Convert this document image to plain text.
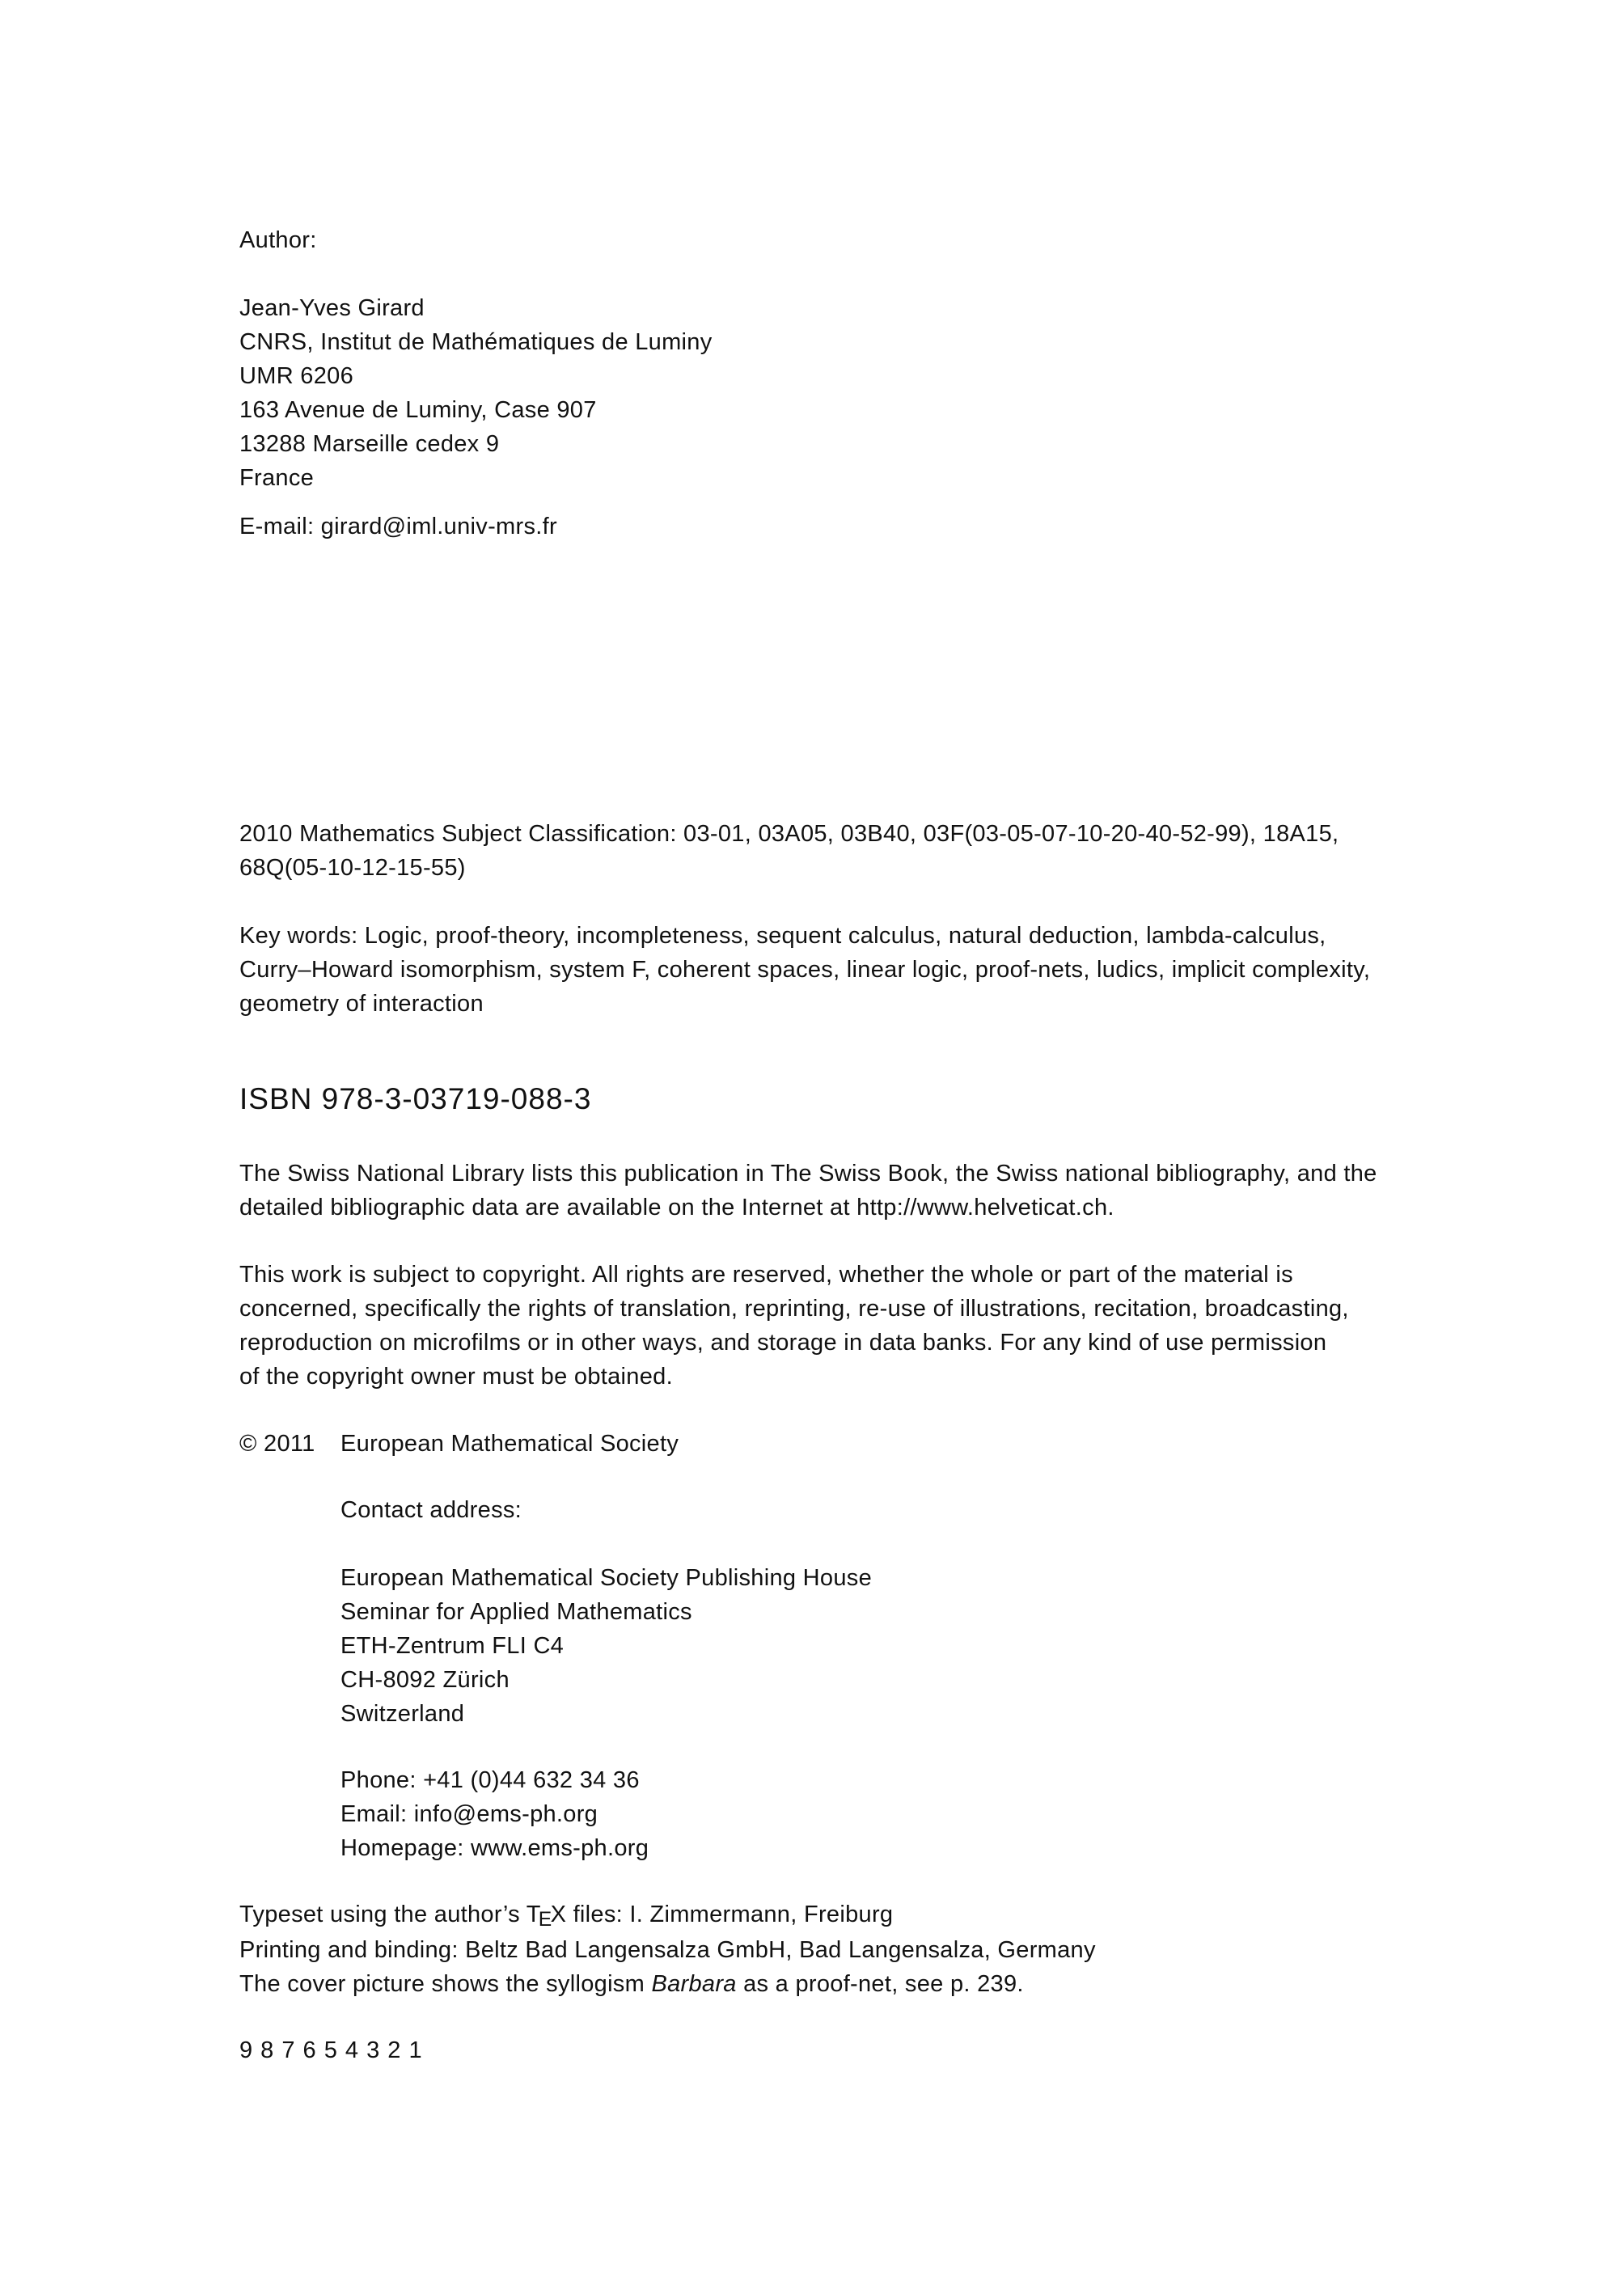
Author:
Jean-Yves Girard
CNRS, Institut de Mathématiques de Luminy
UMR 6206
163 Avenue de Luminy, Case 907
13288 Marseille cedex 9
France
E-mail: girard@iml.univ-mrs.fr
2010 Mathematics Subject Classification: 03-01, 03A05, 03B40, 03F(03-05-07-10-20-40-52-99), 18A15,
68Q(05-10-12-15-55)
Key words: Logic, proof-theory, incompleteness, sequent calculus, natural deduction, lambda-calculus,
Curry–Howard isomorphism, system F, coherent spaces, linear logic, proof-nets, ludics, implicit complexity,
geometry of interaction
ISBN 978-3-03719-088-3
The Swiss National Library lists this publication in The Swiss Book, the Swiss national bibliography, and the
detailed bibliographic data are available on the Internet at http://www.helveticat.ch.
This work is subject to copyright. All rights are reserved, whether the whole or part of the material is
concerned, specifically the rights of translation, reprinting, re-use of illustrations, recitation, broadcasting,
reproduction on microfilms or in other ways, and storage in data banks. For any kind of use permission
of the copyright owner must be obtained.
© 2011 European Mathematical Society
Contact address:
European Mathematical Society Publishing House
Seminar for Applied Mathematics
ETH-Zentrum FLI C4
CH-8092 Zürich
Switzerland
Phone: +41 (0)44 632 34 36
Email: info@ems-ph.org
Homepage: www.ems-ph.org
Typeset using the author’s TEX files: I. Zimmermann, Freiburg
Printing and binding: Beltz Bad Langensalza GmbH, Bad Langensalza, Germany
The cover picture shows the syllogism Barbara as a proof-net, see p. 239.
9 8 7 6 5 4 3 2 1
